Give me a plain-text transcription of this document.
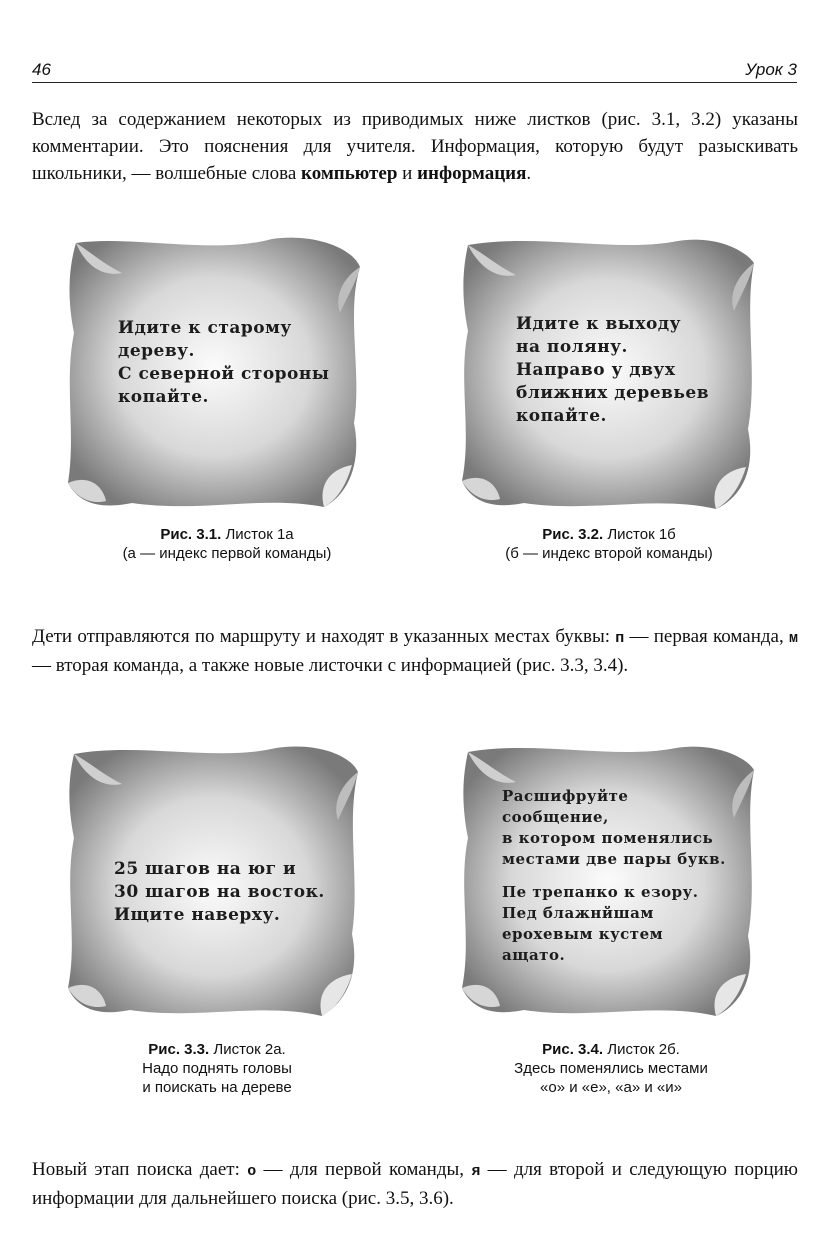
46	Урок 3

Вслед за содержанием некоторых из приводимых ниже листков (рис. 3.1, 3.2) указаны комментарии. Это пояснения для учителя. Информация, которую будут разыскивать школьники, — волшебные слова компьютер и информация.

Идите к старому
дереву.
С северной стороны
копайте.
Рис. 3.1. Листок 1а
(а — индекс первой команды)
Идите к выходу
на поляну.
Направо у двух
ближних деревьев
копайте.
Рис. 3.2. Листок 1б
(б — индекс второй команды)

Дети отправляются по маршруту и находят в указанных местах буквы: п — первая команда, м — вторая команда, а также новые листочки с информацией (рис. 3.3, 3.4).

25 шагов на юг и
30 шагов на восток.
Ищите наверху.
Рис. 3.3. Листок 2а.
Надо поднять головы
и поискать на дереве
Расшифруйте
сообщение,
в котором поменялись
местами две пары букв.
Пе трепанко к езору.
Пед блажнйшам
ерохевым кустем
ащато.
Рис. 3.4. Листок 2б.
Здесь поменялись местами
«о» и «е», «а» и «и»

Новый этап поиска дает: о — для первой команды, я — для второй и следующую порцию информации для дальнейшего поиска (рис. 3.5, 3.6).
